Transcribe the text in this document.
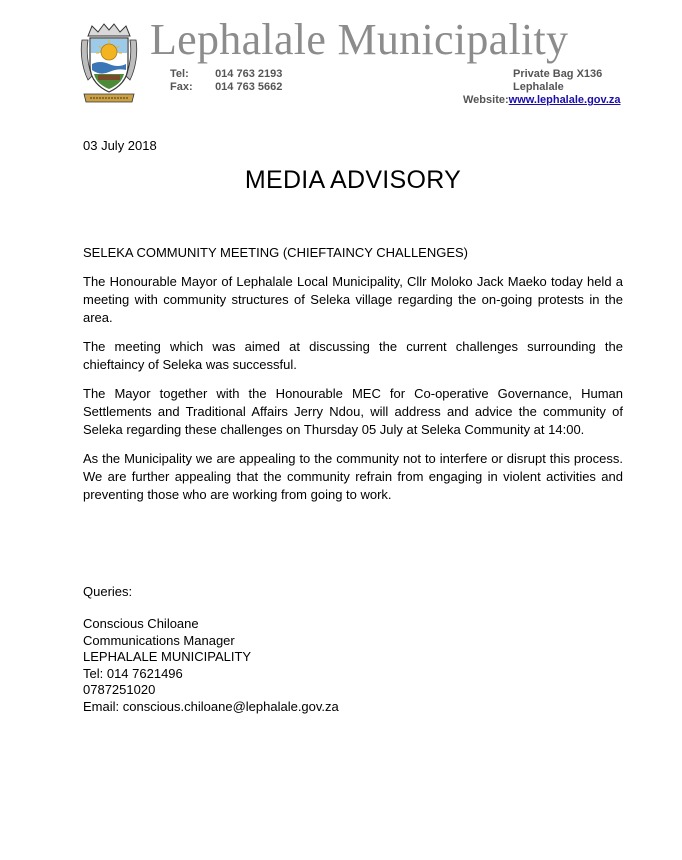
Lephalale Municipality
Tel: 014 763 2193
Fax: 014 763 5662
Private Bag X136
Lephalale
Website:www.lephalale.gov.za
03 July 2018
MEDIA ADVISORY

SELEKA COMMUNITY MEETING (CHIEFTAINCY CHALLENGES)

The Honourable Mayor of Lephalale Local Municipality, Cllr Moloko Jack Maeko today held a meeting with community structures of Seleka village regarding the on-going protests in the area.

The meeting which was aimed at discussing the current challenges surrounding the chieftaincy of Seleka was successful.

The Mayor together with the Honourable MEC for Co-operative Governance, Human Settlements and Traditional Affairs Jerry Ndou, will address and advice the community of Seleka regarding these challenges on Thursday 05 July at Seleka Community at 14:00.

As the Municipality we are appealing to the community not to interfere or disrupt this process. We are further appealing that the community refrain from engaging in violent activities and preventing those who are working from going to work.

Queries:
Conscious Chiloane
Communications Manager
LEPHALALE MUNICIPALITY
Tel: 014 7621496
0787251020
Email: conscious.chiloane@lephalale.gov.za
